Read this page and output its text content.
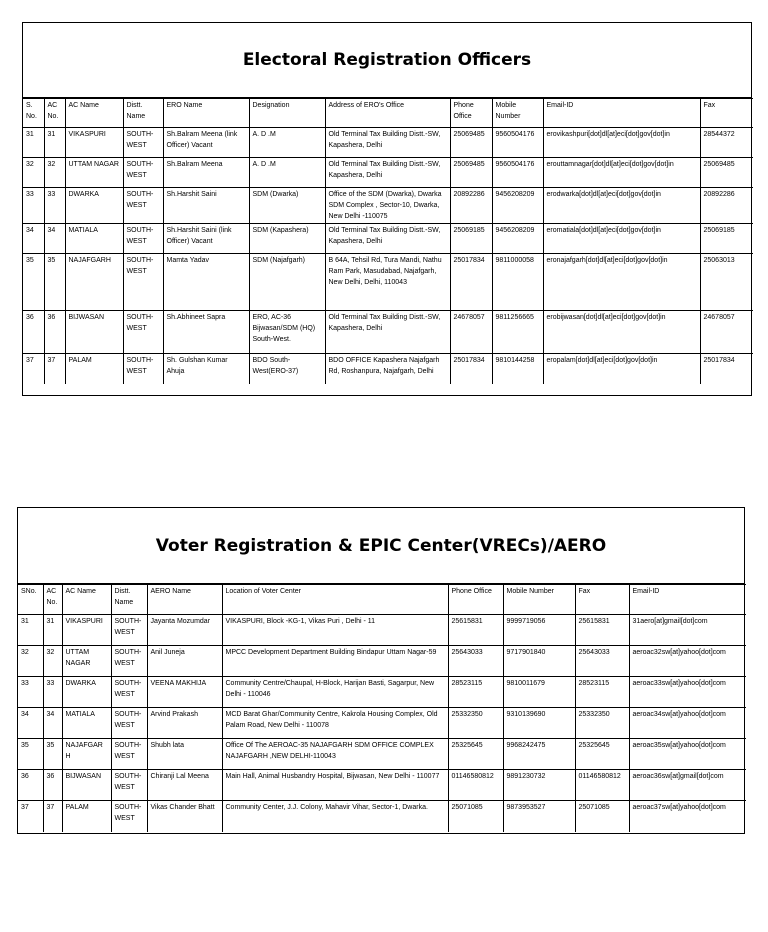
Electoral Registration Officers
S. No.	AC No.	AC Name	Distt. Name	ERO Name	Designation	Address of ERO's Office	Phone Office	Mobile Number	Email-ID	Fax
31	31	VIKASPURI	SOUTH-WEST	Sh.Balram Meena (link Officer) Vacant	A. D .M	Old Terminal Tax Building Distt.-SW, Kapashera, Delhi	25069485	9560504176	erovikashpuri[dot]dl[at]eci[dot]gov[dot]in	28544372
32	32	UTTAM NAGAR	SOUTH-WEST	Sh.Balram Meena	A. D .M	Old Terminal Tax Building Distt.-SW, Kapashera, Delhi	25069485	9560504176	erouttamnagar[dot]dl[at]eci[dot]gov[dot]in	25069485
33	33	DWARKA	SOUTH-WEST	Sh.Harshit Saini	SDM (Dwarka)	Office of the SDM (Dwarka), Dwarka SDM Complex , Sector-10, Dwarka, New Delhi -110075	20892286	9456208209	erodwarka[dot]dl[at]eci[dot]gov[dot]in	20892286
34	34	MATIALA	SOUTH-WEST	Sh.Harshit Saini (link Officer) Vacant	SDM (Kapashera)	Old Terminal Tax Building Distt.-SW, Kapashera, Delhi	25069185	9456208209	eromatiala[dot]dl[at]eci[dot]gov[dot]in	25069185
35	35	NAJAFGARH	SOUTH-WEST	Mamta Yadav	SDM (Najafgarh)	B 64A, Tehsil Rd, Tura Mandi, Nathu Ram Park, Masudabad, Najafgarh, New Delhi, Delhi, 110043	25017834	9811000058	eronajafgarh[dot]dl[at]eci[dot]gov[dot]in	25063013
36	36	BIJWASAN	SOUTH-WEST	Sh.Abhineet Sapra	ERO, AC-36 Bijwasan/SDM (HQ) South-West.	Old Terminal Tax Building Distt.-SW, Kapashera, Delhi	24678057	9811256665	erobijwasan[dot]dl[at]eci[dot]gov[dot]in	24678057
37	37	PALAM	SOUTH-WEST	Sh. Gulshan Kumar Ahuja	BDO South-West(ERO-37)	BDO OFFICE Kapashera Najafgarh Rd, Roshanpura, Najafgarh, Delhi	25017834	9810144258	eropalam[dot]dl[at]eci[dot]gov[dot]in	25017834
Voter Registration & EPIC Center(VRECs)/AERO
SNo.	AC No.	AC Name	Distt. Name	AERO Name	Location of Voter Center	Phone Office	Mobile Number	Fax	Email-ID
31	31	VIKASPURI	SOUTH-WEST	Jayanta Mozumdar	VIKASPURI, Block -KG-1, Vikas Puri , Delhi - 11	25615831	9999719056	25615831	31aero[at]gmail[dot]com
32	32	UTTAM NAGAR	SOUTH-WEST	Anil Juneja	MPCC Development Department Building Bindapur Uttam Nagar-59	25643033	9717901840	25643033	aeroac32sw[at]yahoo[dot]com
33	33	DWARKA	SOUTH-WEST	VEENA MAKHIJA	Community Centre/Chaupal, H-Block, Harijan Basti, Sagarpur, New Delhi - 110046	28523115	9810011679	28523115	aeroac33sw[at]yahoo[dot]com
34	34	MATIALA	SOUTH-WEST	Arvind Prakash	MCD Barat Ghar/Community Centre, Kakrola Housing Complex, Old Palam Road, New Delhi - 110078	25332350	9310139690	25332350	aeroac34sw[at]yahoo[dot]com
35	35	NAJAFGARH	SOUTH-WEST	Shubh lata	Office Of The AEROAC-35 NAJAFGARH SDM OFFICE COMPLEX NAJAFGARH ,NEW DELHI-110043	25325645	9968242475	25325645	aeroac35sw[at]yahoo[dot]com
36	36	BIJWASAN	SOUTH-WEST	Chiranji Lal Meena	Main Hall, Animal Husbandry Hospital, Bijwasan, New Delhi - 110077	01146580812	9891230732	01146580812	aeroac36sw[at]gmail[dot]com
37	37	PALAM	SOUTH-WEST	Vikas Chander Bhatt	Community Center, J.J. Colony, Mahavir Vihar, Sector-1, Dwarka.	25071085	9873953527	25071085	aeroac37sw[at]yahoo[dot]com
